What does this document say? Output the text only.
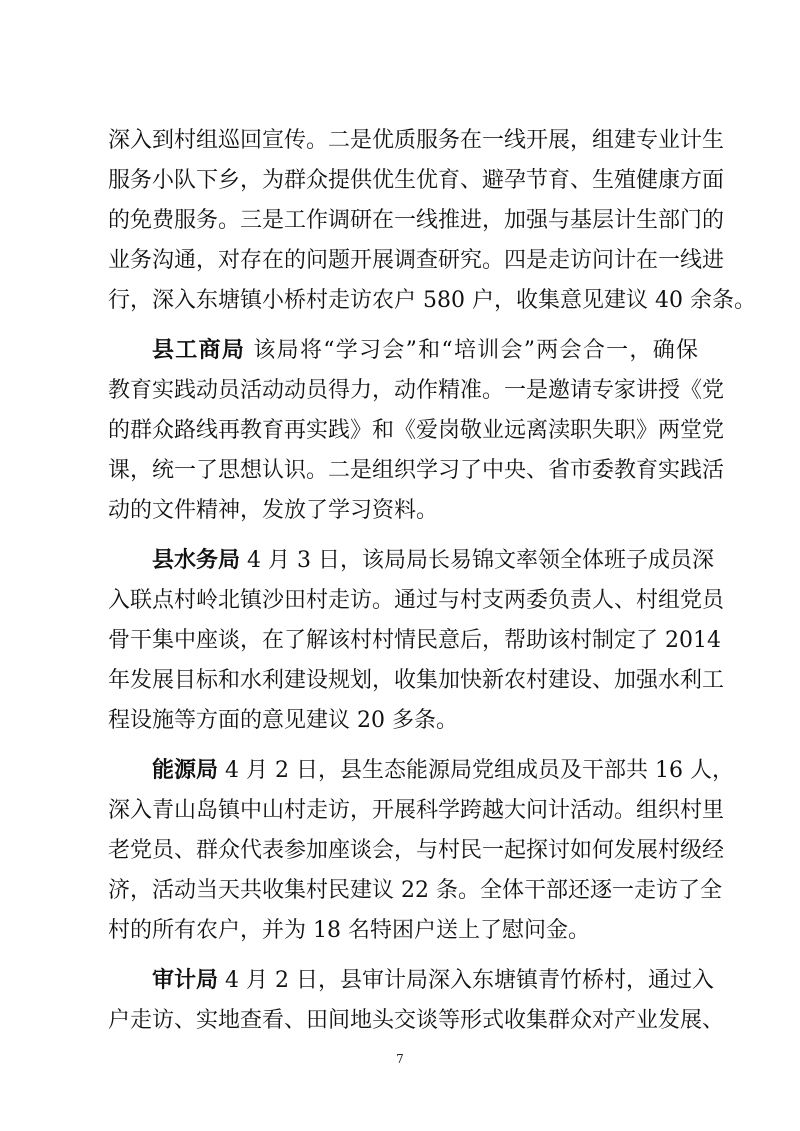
深入到村组巡回宣传。二是优质服务在一线开展，组建专业计生
服务小队下乡，为群众提供优生优育、避孕节育、生殖健康方面
的免费服务。三是工作调研在一线推进，加强与基层计生部门的
业务沟通，对存在的问题开展调查研究。四是走访问计在一线进
行，深入东塘镇小桥村走访农户 580 户，收集意见建议 40 余条。
县工商局 该局将“学习会”和“培训会”两会合一，确保
教育实践动员活动动员得力，动作精准。一是邀请专家讲授《党
的群众路线再教育再实践》和《爱岗敬业远离渎职失职》两堂党
课，统一了思想认识。二是组织学习了中央、省市委教育实践活
动的文件精神，发放了学习资料。
县水务局 4 月 3 日，该局局长易锦文率领全体班子成员深
入联点村岭北镇沙田村走访。通过与村支两委负责人、村组党员
骨干集中座谈，在了解该村村情民意后，帮助该村制定了 2014
年发展目标和水利建设规划，收集加快新农村建设、加强水利工
程设施等方面的意见建议 20 多条。
能源局 4 月 2 日，县生态能源局党组成员及干部共 16 人，
深入青山岛镇中山村走访，开展科学跨越大问计活动。组织村里
老党员、群众代表参加座谈会，与村民一起探讨如何发展村级经
济，活动当天共收集村民建议 22 条。全体干部还逐一走访了全
村的所有农户，并为 18 名特困户送上了慰问金。
审计局 4 月 2 日，县审计局深入东塘镇青竹桥村，通过入
户走访、实地查看、田间地头交谈等形式收集群众对产业发展、
7
